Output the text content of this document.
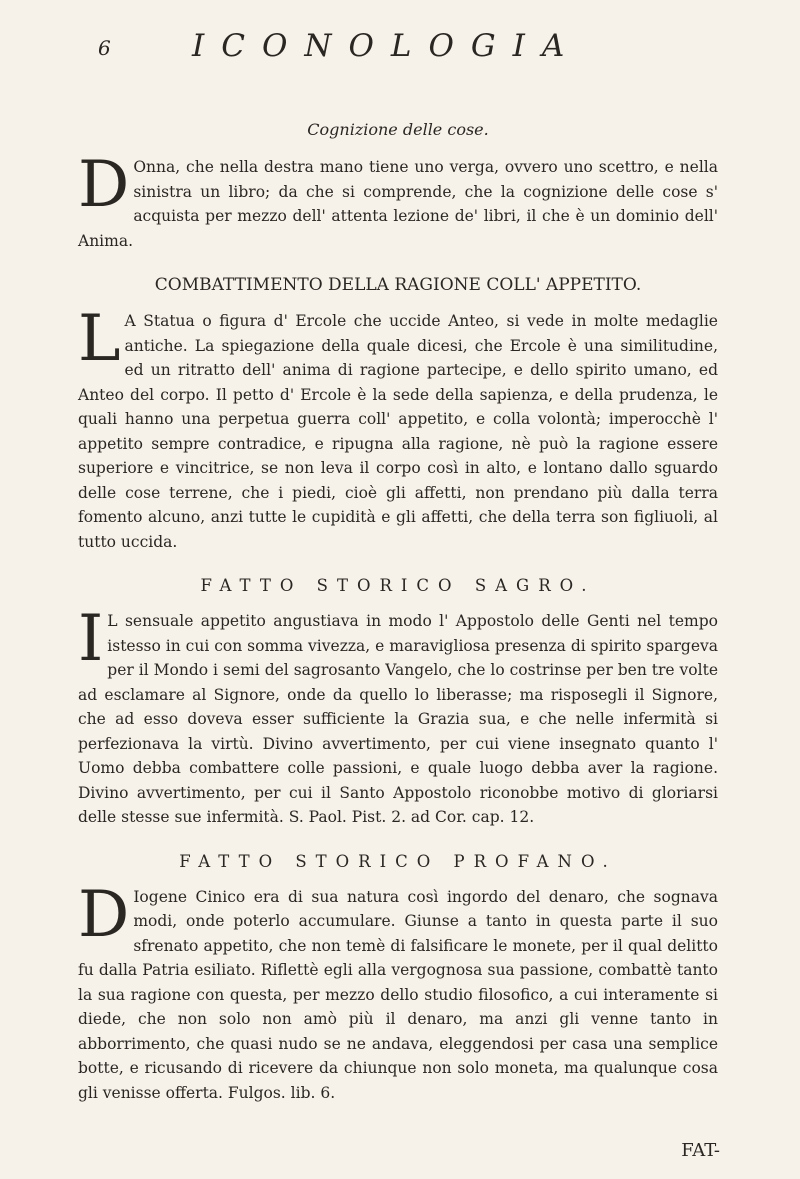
6	ICONOLOGIA
Cognizione delle cose.

DOnna, che nella destra mano tiene uno verga, ovvero uno scettro, e nella sinistra un libro; da che si comprende, che la cognizione delle cose s' acquista per mezzo dell' attenta lezione de' libri, il che è un dominio dell' Anima.

COMBATTIMENTO DELLA RAGIONE COLL' APPETITO.

LA Statua o figura d' Ercole che uccide Anteo, si vede in molte medaglie antiche. La spiegazione della quale dicesi, che Ercole è una similitudine, ed un ritratto dell' anima di ragione partecipe, e dello spirito umano, ed Anteo del corpo. Il petto d' Ercole è la sede della sapienza, e della prudenza, le quali hanno una perpetua guerra coll' appetito, e colla volontà; imperocchè l' appetito sempre contradice, e ripugna alla ragione, nè può la ragione essere superiore e vincitrice, se non leva il corpo così in alto, e lontano dallo sguardo delle cose terrene, che i piedi, cioè gli affetti, non prendano più dalla terra fomento alcuno, anzi tutte le cupidità e gli affetti, che della terra son figliuoli, al tutto uccida.

FATTO STORICO SAGRO.

IL sensuale appetito angustiava in modo l' Appostolo delle Genti nel tempo istesso in cui con somma vivezza, e maravigliosa presenza di spirito spargeva per il Mondo i semi del sagrosanto Vangelo, che lo costrinse per ben tre volte ad esclamare al Signore, onde da quello lo liberasse; ma risposegli il Signore, che ad esso doveva esser sufficiente la Grazia sua, e che nelle infermità si perfezionava la virtù. Divino avvertimento, per cui viene insegnato quanto l' Uomo debba combattere colle passioni, e quale luogo debba aver la ragione. Divino avvertimento, per cui il Santo Appostolo riconobbe motivo di gloriarsi delle stesse sue infermità. S. Paol. Pist. 2. ad Cor. cap. 12.

FATTO STORICO PROFANO.

DIogene Cinico era di sua natura così ingordo del denaro, che sognava modi, onde poterlo accumulare. Giunse a tanto in questa parte il suo sfrenato appetito, che non temè di falsificare le monete, per il qual delitto fu dalla Patria esiliato. Riflettè egli alla vergognosa sua passione, combattè tanto la sua ragione con questa, per mezzo dello studio filosofico, a cui interamente si diede, che non solo non amò più il denaro, ma anzi gli venne tanto in abborrimento, che quasi nudo se ne andava, eleggendosi per casa una semplice botte, e ricusando di ricevere da chiunque non solo moneta, ma qualunque cosa gli venisse offerta. Fulgos. lib. 6.

FAT-
